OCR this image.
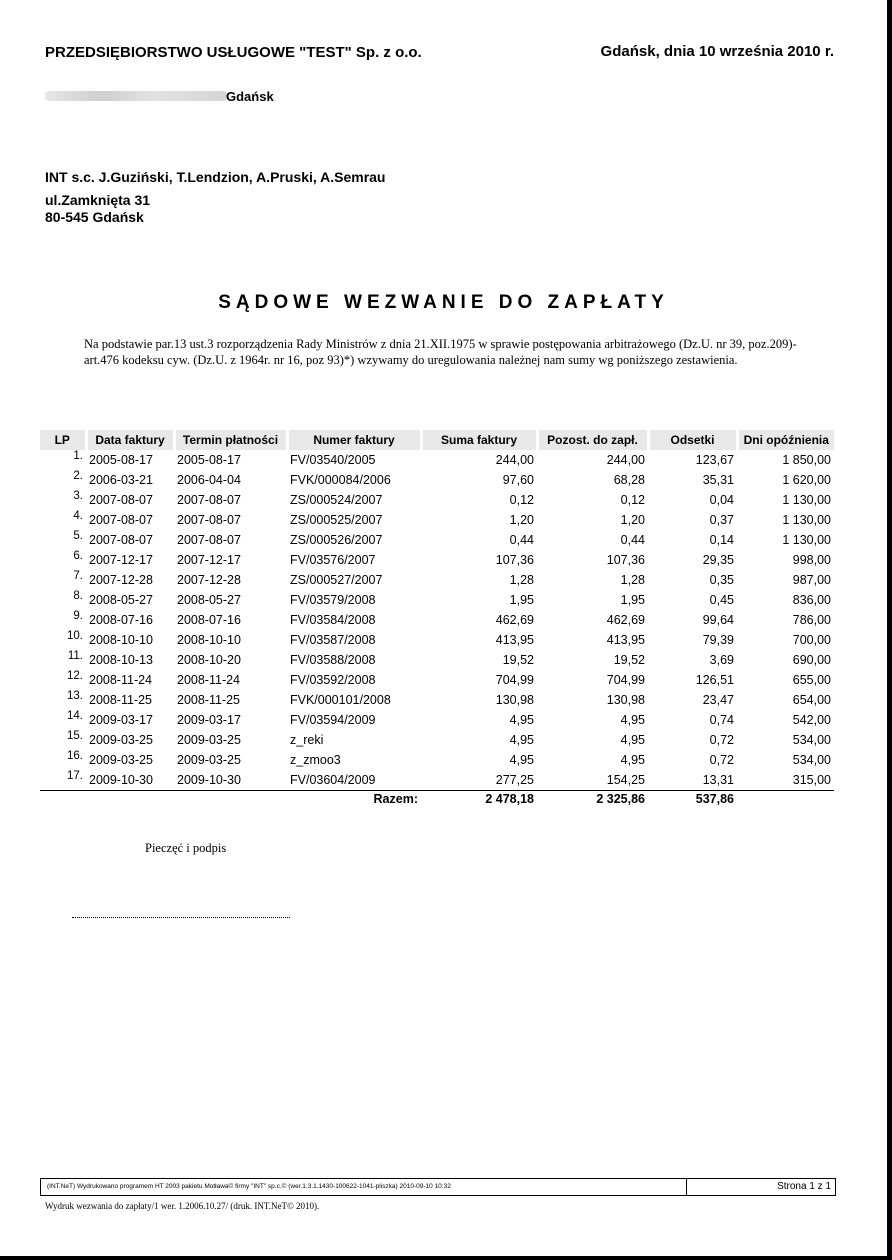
PRZEDSIĘBIORSTWO USŁUGOWE "TEST" Sp. z o.o.
Gdańsk
Gdańsk, dnia 10 września 2010 r.
INT s.c. J.Guziński, T.Lendzion, A.Pruski, A.Semrau
ul.Zamknięta 31
80-545 Gdańsk
SĄDOWE WEZWANIE DO ZAPŁATY
Na podstawie par.13 ust.3 rozporządzenia Rady Ministrów z dnia 21.XII.1975 w sprawie postępowania arbitrażowego (Dz.U. nr 39, poz.209)-art.476 kodeksu cyw. (Dz.U. z 1964r. nr 16, poz 93)*) wzywamy do uregulowania należnej nam sumy wg poniższego zestawienia.
LP	Data faktury	Termin płatności	Numer faktury	Suma faktury	Pozost. do zapł.	Odsetki	Dni opóźnienia
1.	2005-08-17	2005-08-17	FV/03540/2005	244,00	244,00	123,67	1 850,00
2.	2006-03-21	2006-04-04	FVK/000084/2006	97,60	68,28	35,31	1 620,00
3.	2007-08-07	2007-08-07	ZS/000524/2007	0,12	0,12	0,04	1 130,00
4.	2007-08-07	2007-08-07	ZS/000525/2007	1,20	1,20	0,37	1 130,00
5.	2007-08-07	2007-08-07	ZS/000526/2007	0,44	0,44	0,14	1 130,00
6.	2007-12-17	2007-12-17	FV/03576/2007	107,36	107,36	29,35	998,00
7.	2007-12-28	2007-12-28	ZS/000527/2007	1,28	1,28	0,35	987,00
8.	2008-05-27	2008-05-27	FV/03579/2008	1,95	1,95	0,45	836,00
9.	2008-07-16	2008-07-16	FV/03584/2008	462,69	462,69	99,64	786,00
10.	2008-10-10	2008-10-10	FV/03587/2008	413,95	413,95	79,39	700,00
11.	2008-10-13	2008-10-20	FV/03588/2008	19,52	19,52	3,69	690,00
12.	2008-11-24	2008-11-24	FV/03592/2008	704,99	704,99	126,51	655,00
13.	2008-11-25	2008-11-25	FVK/000101/2008	130,98	130,98	23,47	654,00
14.	2009-03-17	2009-03-17	FV/03594/2009	4,95	4,95	0,74	542,00
15.	2009-03-25	2009-03-25	z_reki	4,95	4,95	0,72	534,00
16.	2009-03-25	2009-03-25	z_zmoo3	4,95	4,95	0,72	534,00
17.	2009-10-30	2009-10-30	FV/03604/2009	277,25	154,25	13,31	315,00
Razem:				2 478,18	2 325,86	537,86	
Pieczęć i podpis
(INT.NeT) Wydrukowano programem HT 2003 pakietu Motława© firmy "INT" sp.c.© (wer.1.3.1.1430-100622-1041-pliszka) 2010-09-10 10:32	Strona 1 z 1
Wydruk wezwania do zapłaty/1 wer. 1.2006.10.27/ (druk. INT.NeT© 2010).
